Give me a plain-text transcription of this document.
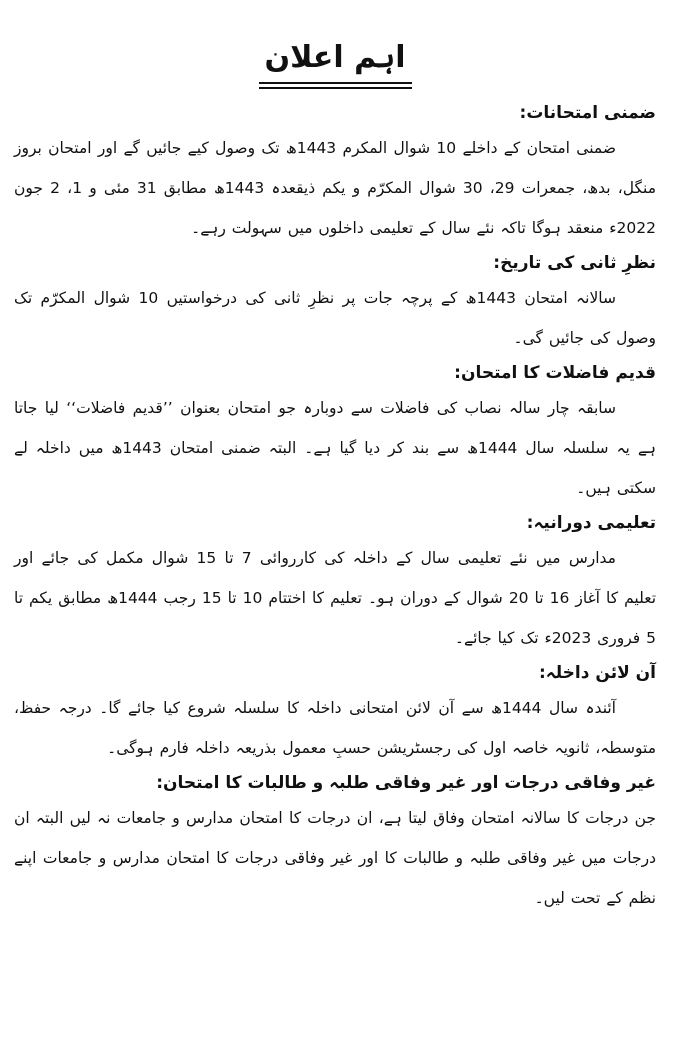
اہم اعلان

ضمنی امتحانات:

ضمنی امتحان کے داخلے 10 شوال المکرم 1443ھ تک وصول کیے جائیں گے اور امتحان بروز منگل، بدھ، جمعرات 29، 30 شوال المکرّم و یکم ذیقعدہ 1443ھ مطابق 31 مئی و 1، 2 جون 2022ء منعقد ہوگا تاکہ نئے سال کے تعلیمی داخلوں میں سہولت رہے۔

نظرِ ثانی کی تاریخ:

سالانہ امتحان 1443ھ کے پرچہ جات پر نظرِ ثانی کی درخواستیں 10 شوال المکرّم تک وصول کی جائیں گی۔

قدیم فاضلات کا امتحان:

سابقہ چار سالہ نصاب کی فاضلات سے دوبارہ جو امتحان بعنوان ’’قدیم فاضلات‘‘ لیا جاتا ہے یہ سلسلہ سال 1444ھ سے بند کر دیا گیا ہے۔ البتہ ضمنی امتحان 1443ھ میں داخلہ لے سکتی ہیں۔

تعلیمی دورانیہ:

مدارس میں نئے تعلیمی سال کے داخلہ کی کارروائی 7 تا 15 شوال مکمل کی جائے اور تعلیم کا آغاز 16 تا 20 شوال کے دوران ہو۔ تعلیم کا اختتام 10 تا 15 رجب 1444ھ مطابق یکم تا 5 فروری 2023ء تک کیا جائے۔

آن لائن داخلہ:

آئندہ سال 1444ھ سے آن لائن امتحانی داخلہ کا سلسلہ شروع کیا جائے گا۔ درجہ حفظ، متوسطہ، ثانویہ خاصہ اول کی رجسٹریشن حسبِ معمول بذریعہ داخلہ فارم ہوگی۔

غیر وفاقی درجات اور غیر وفاقی طلبہ و طالبات کا امتحان:

جن درجات کا سالانہ امتحان وفاق لیتا ہے، ان درجات کا امتحان مدارس و جامعات نہ لیں البتہ ان درجات میں غیر وفاقی طلبہ و طالبات کا اور غیر وفاقی درجات کا امتحان مدارس و جامعات اپنے نظم کے تحت لیں۔
